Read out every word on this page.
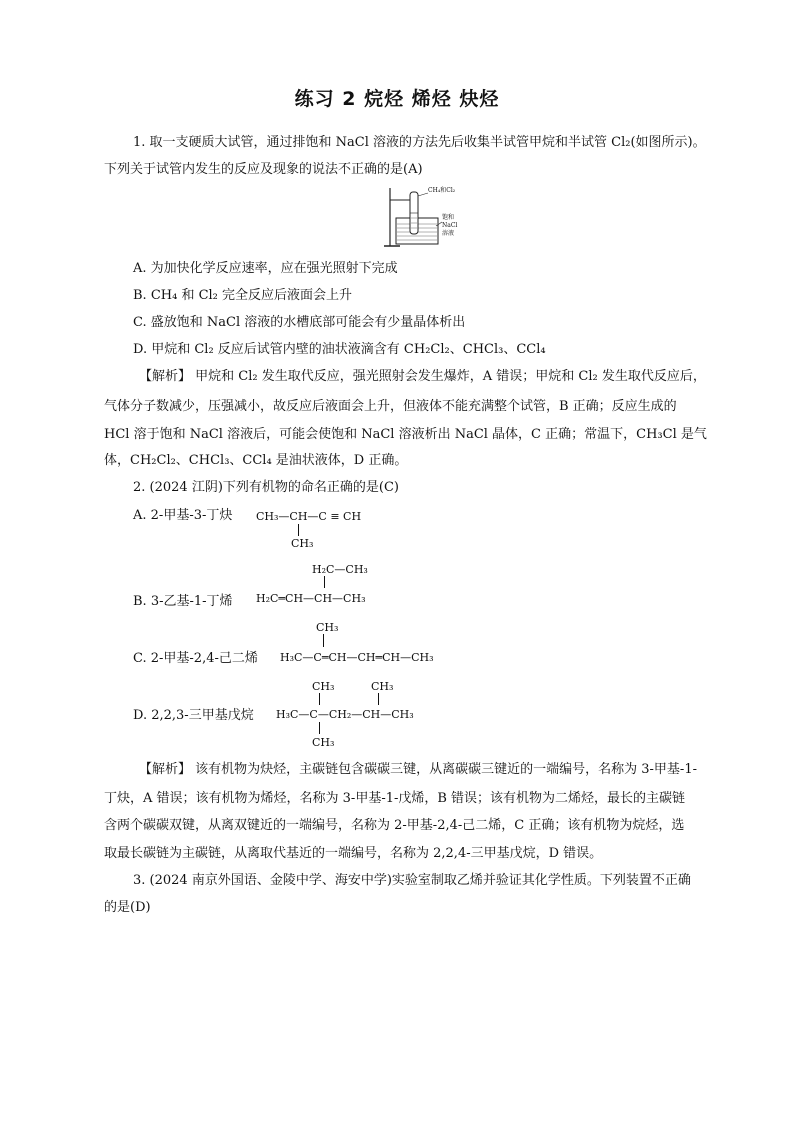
练习 2 烷烃 烯烃 炔烃
1. 取一支硬质大试管，通过排饱和 NaCl 溶液的方法先后收集半试管甲烷和半试管 Cl₂(如图所示)。
下列关于试管内发生的反应及现象的说法不正确的是(A)
CH₄和Cl₂
饱和
NaCl
溶液
A. 为加快化学反应速率，应在强光照射下完成
B. CH₄ 和 Cl₂ 完全反应后液面会上升
C. 盛放饱和 NaCl 溶液的水槽底部可能会有少量晶体析出
D. 甲烷和 Cl₂ 反应后试管内壁的油状液滴含有 CH₂Cl₂、CHCl₃、CCl₄
【解析】 甲烷和 Cl₂ 发生取代反应，强光照射会发生爆炸，A 错误；甲烷和 Cl₂ 发生取代反应后，
气体分子数减少，压强减小，故反应后液面会上升，但液体不能充满整个试管，B 正确；反应生成的
HCl 溶于饱和 NaCl 溶液后，可能会使饱和 NaCl 溶液析出 NaCl 晶体，C 正确；常温下，CH₃Cl 是气
体，CH₂Cl₂、CHCl₃、CCl₄ 是油状液体，D 正确。
2. (2024 江阴)下列有机物的命名正确的是(C)
A. 2-甲基-3-丁炔 CH₃—CH—C ≡ CH
CH₃
H₂C—CH₃
B. 3-乙基-1-丁烯 H₂C═CH—CH—CH₃
CH₃
C. 2-甲基-2,4-己二烯 H₃C—C═CH—CH═CH—CH₃
CH₃	CH₃
D. 2,2,3-三甲基戊烷 H₃C—C—CH₂—CH—CH₃
CH₃
【解析】 该有机物为炔烃，主碳链包含碳碳三键，从离碳碳三键近的一端编号，名称为 3-甲基-1-
丁炔，A 错误；该有机物为烯烃，名称为 3-甲基-1-戊烯，B 错误；该有机物为二烯烃，最长的主碳链
含两个碳碳双键，从离双键近的一端编号，名称为 2-甲基-2,4-己二烯，C 正确；该有机物为烷烃，选
取最长碳链为主碳链，从离取代基近的一端编号，名称为 2,2,4-三甲基戊烷，D 错误。
3. (2024 南京外国语、金陵中学、海安中学)实验室制取乙烯并验证其化学性质。下列装置不正确
的是(D)
